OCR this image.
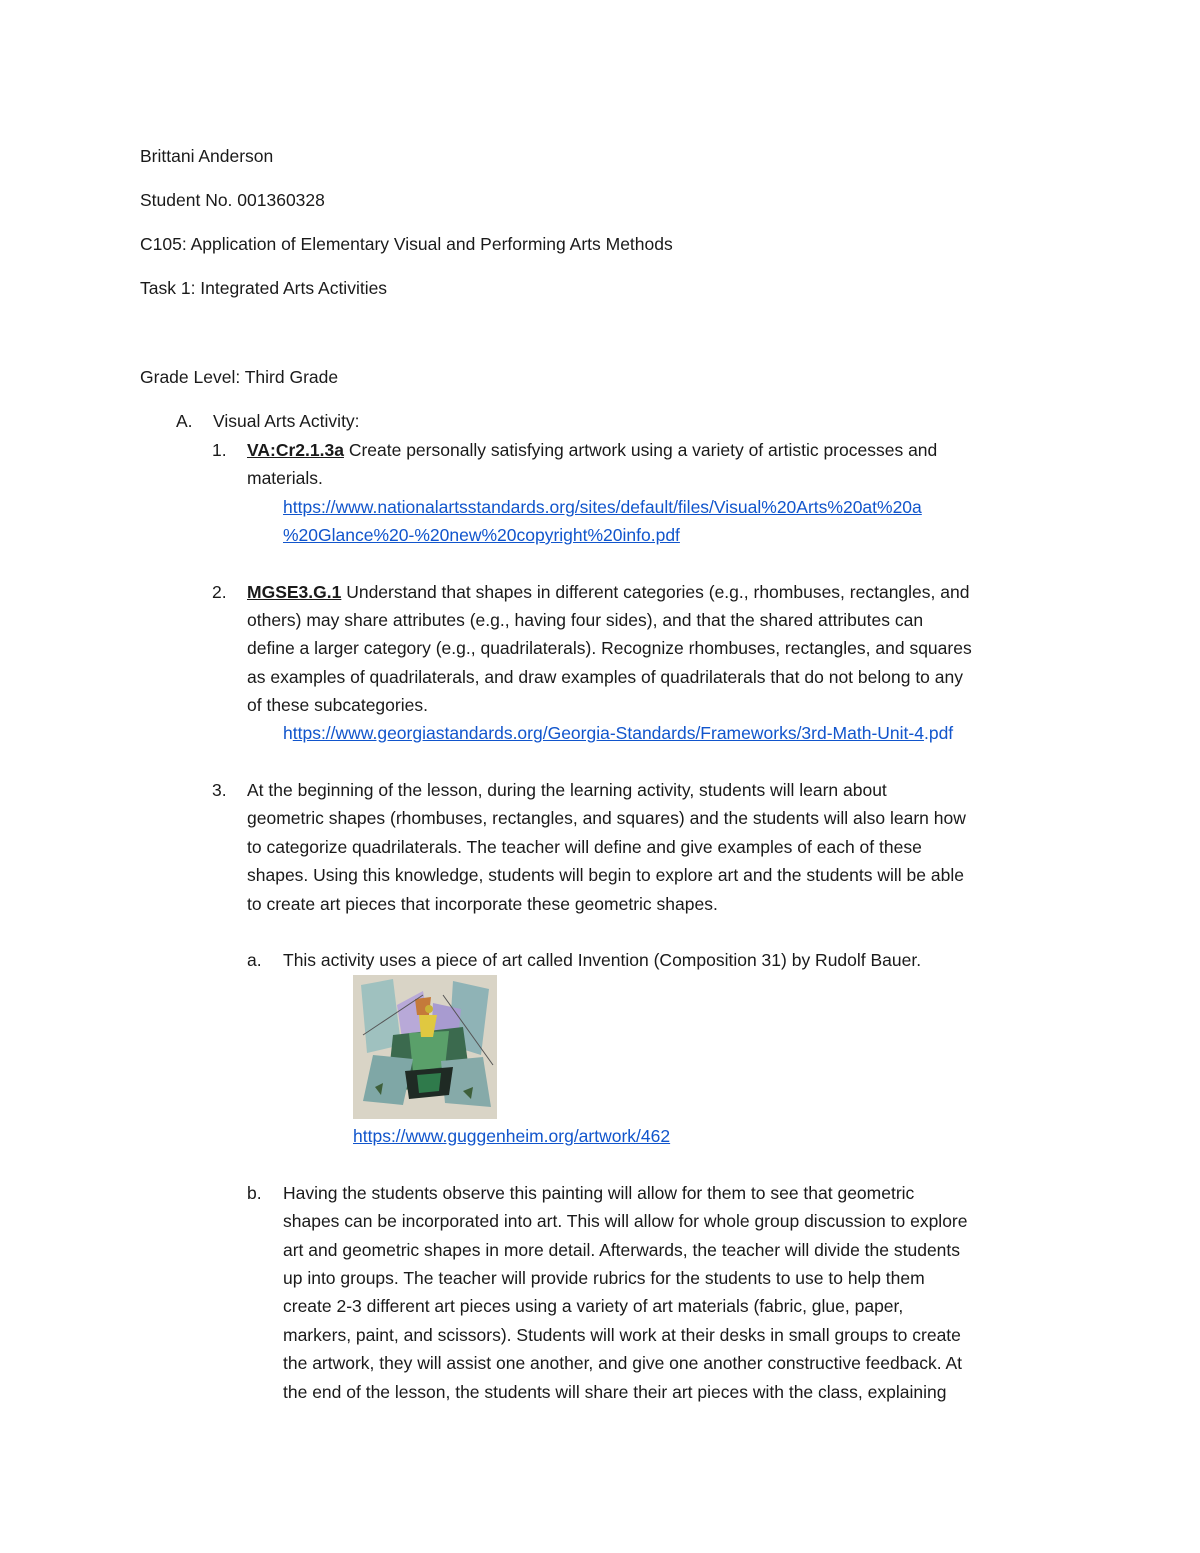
Brittani Anderson
Student No. 001360328
C105: Application of Elementary Visual and Performing Arts Methods
Task 1: Integrated Arts Activities
Grade Level: Third Grade
A. Visual Arts Activity:
1. VA:Cr2.1.3a Create personally satisfying artwork using a variety of artistic processes and
materials.
https://www.nationalartsstandards.org/sites/default/files/Visual%20Arts%20at%20a
%20Glance%20-%20new%20copyright%20info.pdf
2. MGSE3.G.1 Understand that shapes in different categories (e.g., rhombuses, rectangles, and
others) may share attributes (e.g., having four sides), and that the shared attributes can
define a larger category (e.g., quadrilaterals). Recognize rhombuses, rectangles, and squares
as examples of quadrilaterals, and draw examples of quadrilaterals that do not belong to any
of these subcategories.
https://www.georgiastandards.org/Georgia-Standards/Frameworks/3rd-Math-Unit-4.pdf
3. At the beginning of the lesson, during the learning activity, students will learn about
geometric shapes (rhombuses, rectangles, and squares) and the students will also learn how
to categorize quadrilaterals. The teacher will define and give examples of each of these
shapes. Using this knowledge, students will begin to explore art and the students will be able
to create art pieces that incorporate these geometric shapes.
a. This activity uses a piece of art called Invention (Composition 31) by Rudolf Bauer.
https://www.guggenheim.org/artwork/462
b. Having the students observe this painting will allow for them to see that geometric
shapes can be incorporated into art. This will allow for whole group discussion to explore
art and geometric shapes in more detail. Afterwards, the teacher will divide the students
up into groups. The teacher will provide rubrics for the students to use to help them
create 2-3 different art pieces using a variety of art materials (fabric, glue, paper,
markers, paint, and scissors). Students will work at their desks in small groups to create
the artwork, they will assist one another, and give one another constructive feedback. At
the end of the lesson, the students will share their art pieces with the class, explaining
